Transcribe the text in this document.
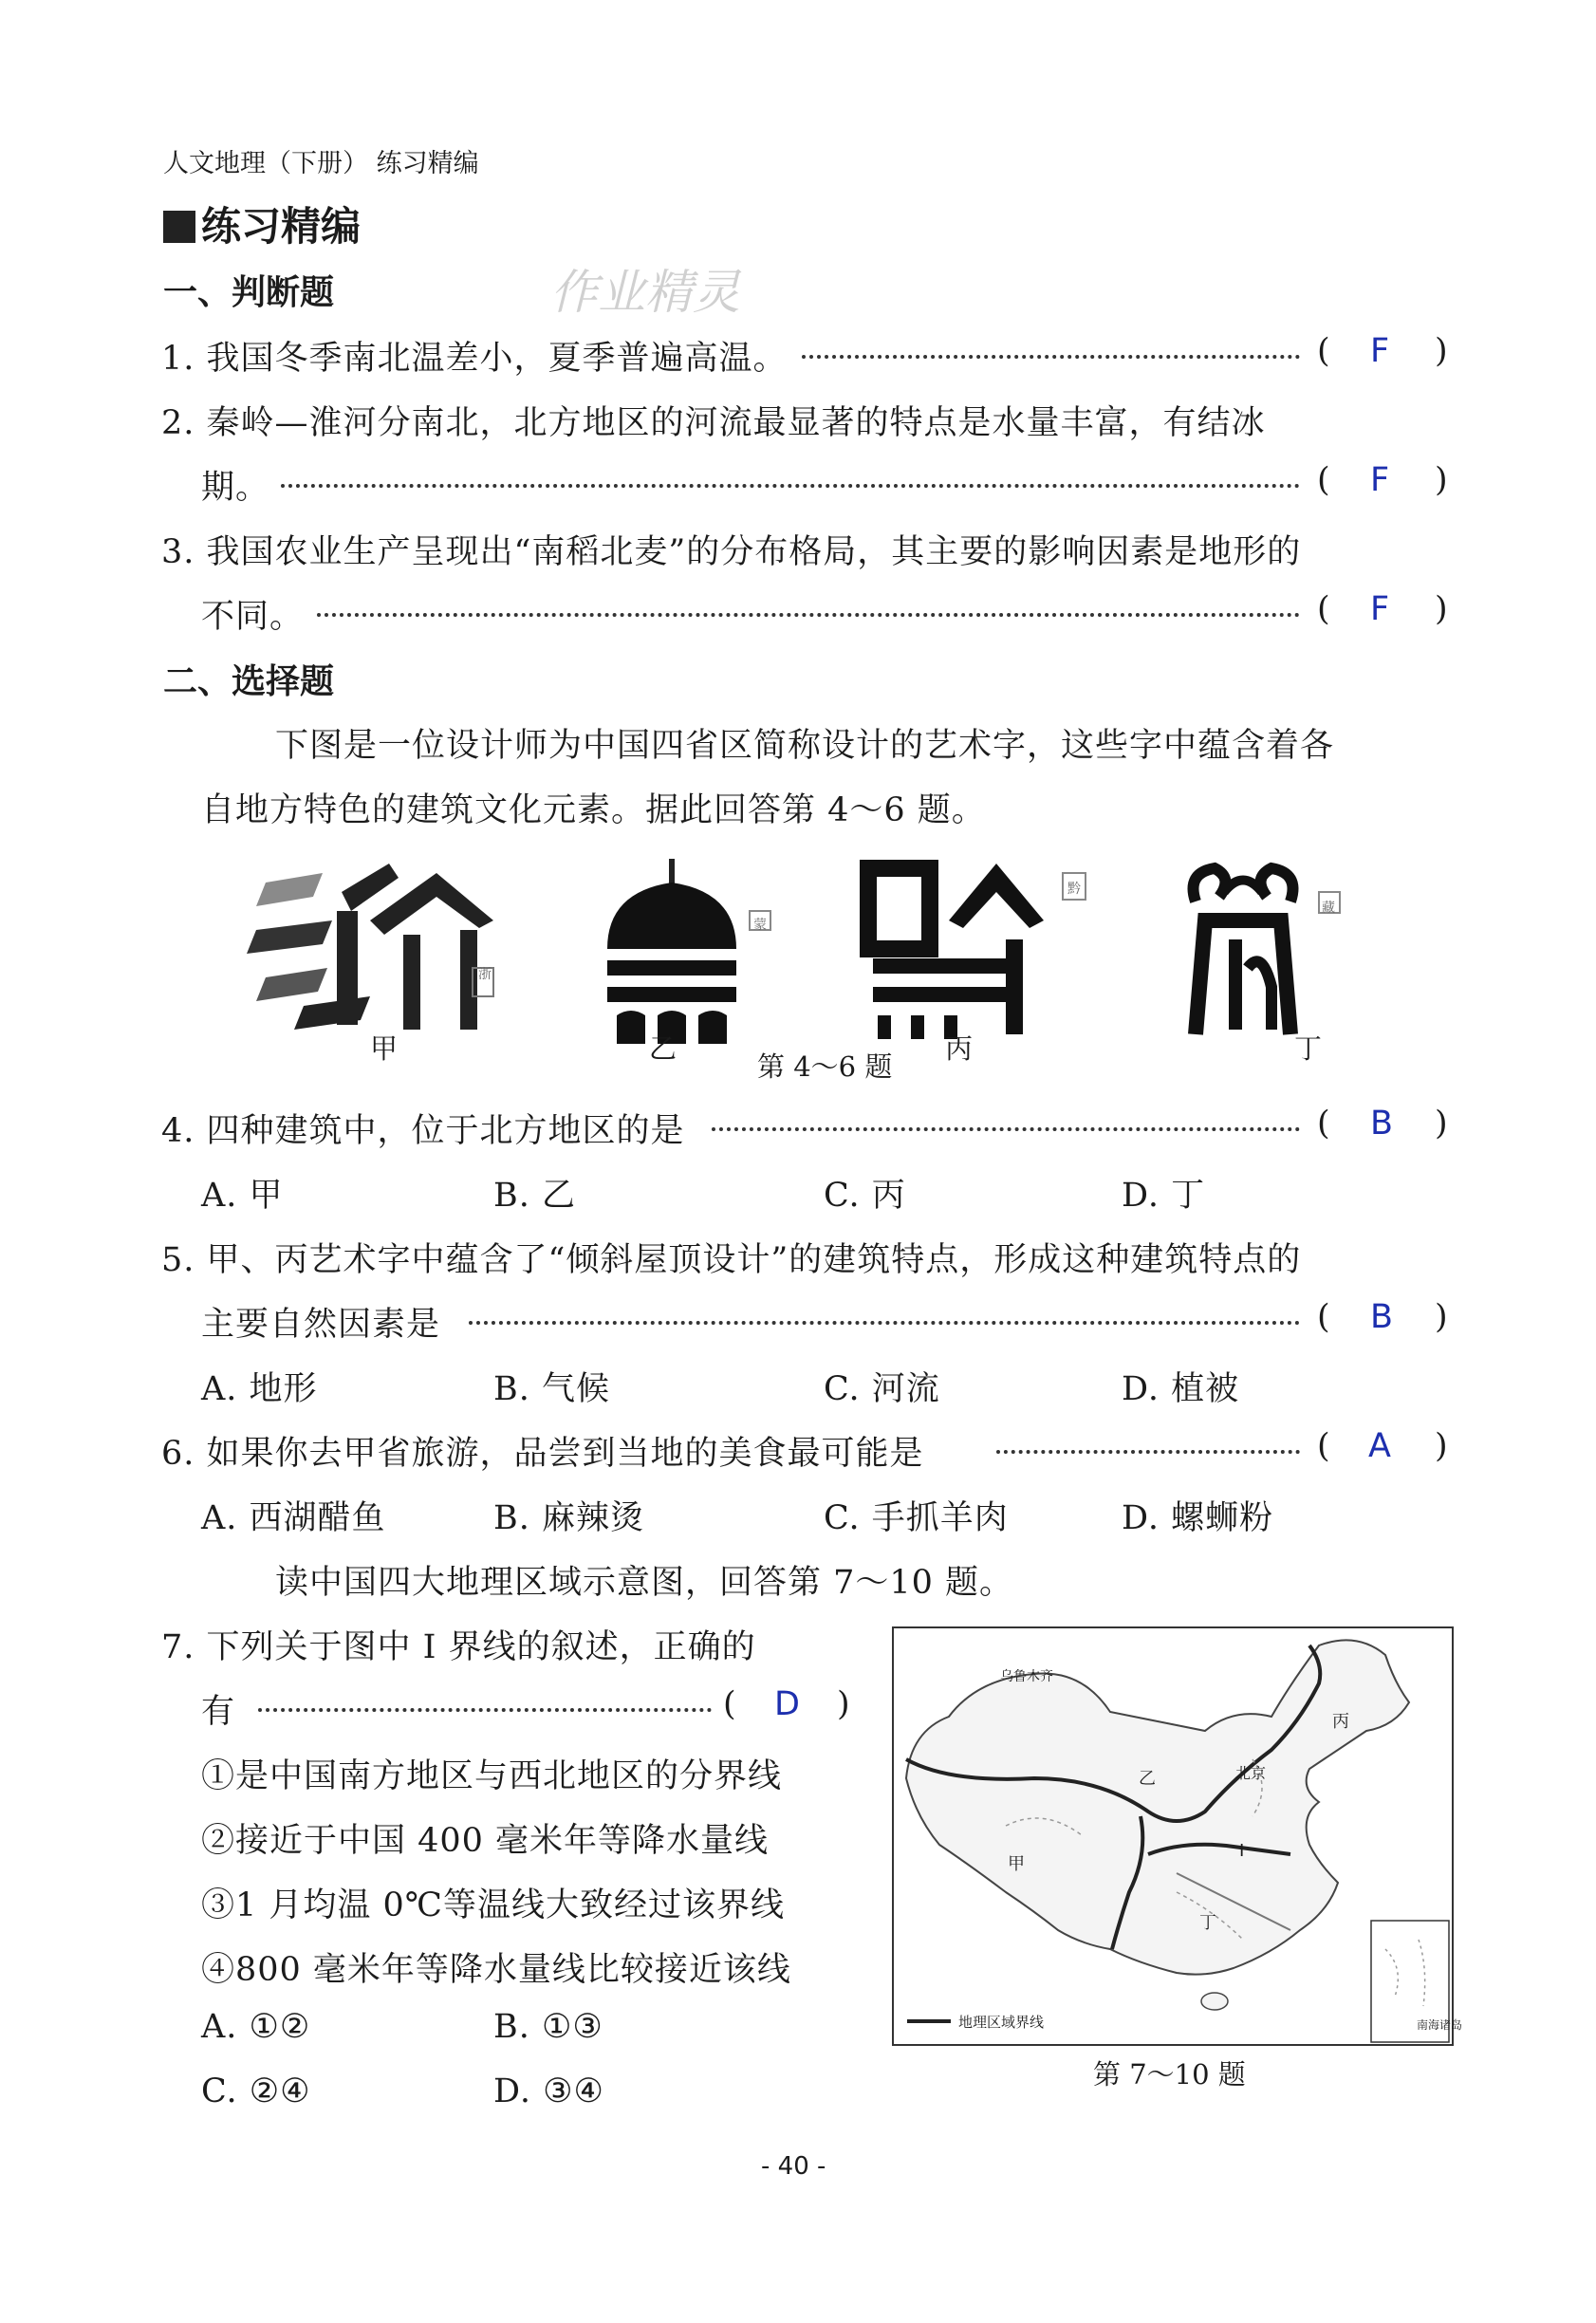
人文地理（下册） 练习精编
练习精编
一、判断题	作业精灵
1. 我国冬季南北温差小，夏季普遍高温。	( F )
2. 秦岭—淮河分南北，北方地区的河流最显著的特点是水量丰富，有结冰
期。	( F )
3. 我国农业生产呈现出“南稻北麦”的分布格局，其主要的影响因素是地形的
不同。	( F )
二、选择题
下图是一位设计师为中国四省区简称设计的艺术字，这些字中蕴含着各
自地方特色的建筑文化元素。据此回答第 4～6 题。
甲	乙	丙	丁
浙
蒙
黔
藏
第 4～6 题
4. 四种建筑中，位于北方地区的是	( B )
A. 甲	B. 乙	C. 丙	D. 丁
5. 甲、丙艺术字中蕴含了“倾斜屋顶设计”的建筑特点，形成这种建筑特点的
主要自然因素是	( B )
A. 地形	B. 气候	C. 河流	D. 植被
6. 如果你去甲省旅游，品尝到当地的美食最可能是	( A )
A. 西湖醋鱼	B. 麻辣烫	C. 手抓羊肉	D. 螺蛳粉
读中国四大地理区域示意图，回答第 7～10 题。
7. 下列关于图中 Ⅰ 界线的叙述，正确的
有	( D )
①是中国南方地区与西北地区的分界线
②接近于中国 400 毫米年等降水量线
③1 月均温 0℃等温线大致经过该界线
④800 毫米年等降水量线比较接近该线
A. ①②	B. ①③
C. ②④	D. ③④
乌鲁木齐
北京
甲
乙
丙
丁
Ⅰ
地理区域界线	南海诸岛
第 7～10 题
- 40 -
